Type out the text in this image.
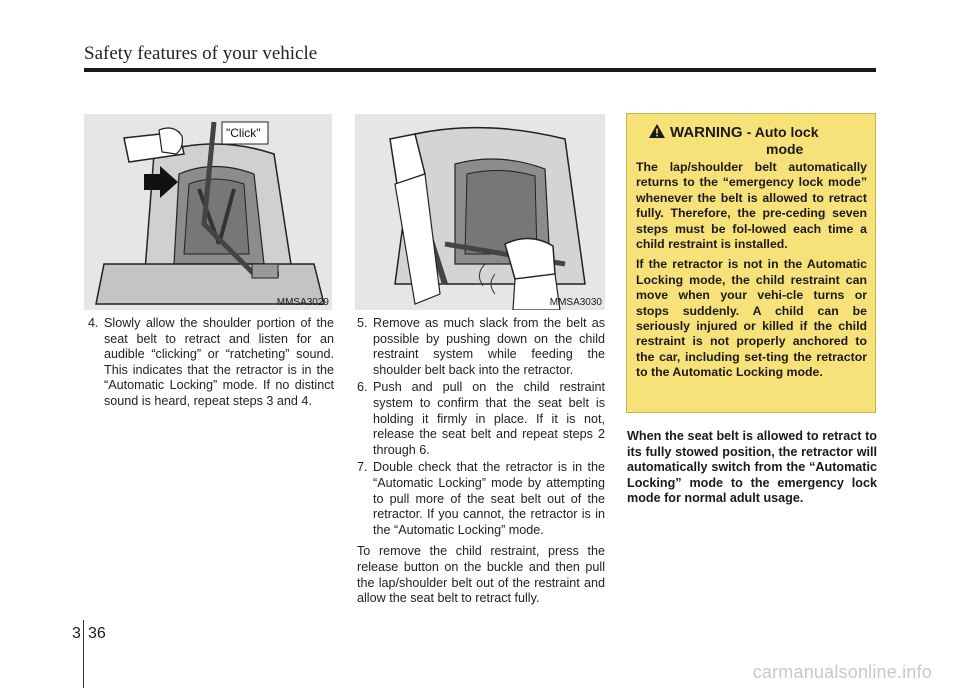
Safety features of your vehicle
"Click"
MMSA3029	MMSA3030
4. Slowly allow the shoulder portion of the seat belt to retract and listen for an audible “clicking” or “ratcheting” sound. This indicates that the retractor is in the “Automatic Locking” mode. If no distinct sound is heard, repeat steps 3 and 4.
5. Remove as much slack from the belt as possible by pushing down on the child restraint system while feeding the shoulder belt back into the retractor.
6. Push and pull on the child restraint system to confirm that the seat belt is holding it firmly in place. If it is not, release the seat belt and repeat steps 2 through 6.
7. Double check that the retractor is in the “Automatic Locking” mode by attempting to pull more of the seat belt out of the retractor. If you cannot, the retractor is in the “Automatic Locking” mode.

To remove the child restraint, press the release button on the buckle and then pull the lap/shoulder belt out of the restraint and allow the seat belt to retract fully.

WARNING - Auto lock
mode

The lap/shoulder belt automatically returns to the “emergency lock mode” whenever the belt is allowed to retract fully. Therefore, the pre-ceding seven steps must be fol-lowed each time a child restraint is installed.

If the retractor is not in the Automatic Locking mode, the child restraint can move when your vehi-cle turns or stops suddenly. A child can be seriously injured or killed if the child restraint is not properly anchored to the car, including set-ting the retractor to the Automatic Locking mode.

When the seat belt is allowed to retract to its fully stowed position, the retractor will automatically switch from the “Automatic Locking” mode to the emergency lock mode for normal adult usage.
3 36
carmanualsonline.info
